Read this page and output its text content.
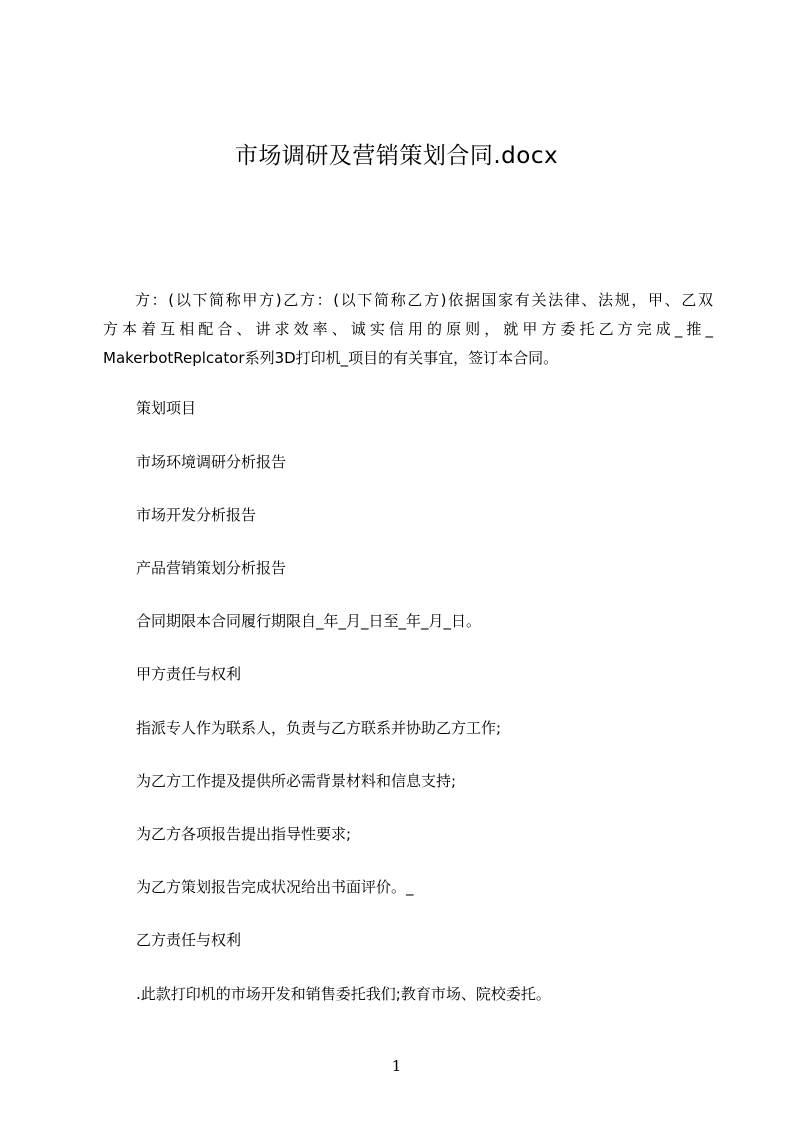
市场调研及营销策划合同.docx
方：(以下简称甲方)乙方：(以下简称乙方)依据国家有关法律、法规，甲、乙双
方本着互相配合、讲求效率、诚实信用的原则，就甲方委托乙方完成_推_
MakerbotReplcator系列3D打印机_项目的有关事宜，签订本合同。
策划项目
市场环境调研分析报告
市场开发分析报告
产品营销策划分析报告
合同期限本合同履行期限自_年_月_日至_年_月_日。
甲方责任与权利
指派专人作为联系人，负责与乙方联系并协助乙方工作;
为乙方工作提及提供所必需背景材料和信息支持;
为乙方各项报告提出指导性要求;
为乙方策划报告完成状况给出书面评价。_
乙方责任与权利
.此款打印机的市场开发和销售委托我们;教育市场、院校委托。
1
